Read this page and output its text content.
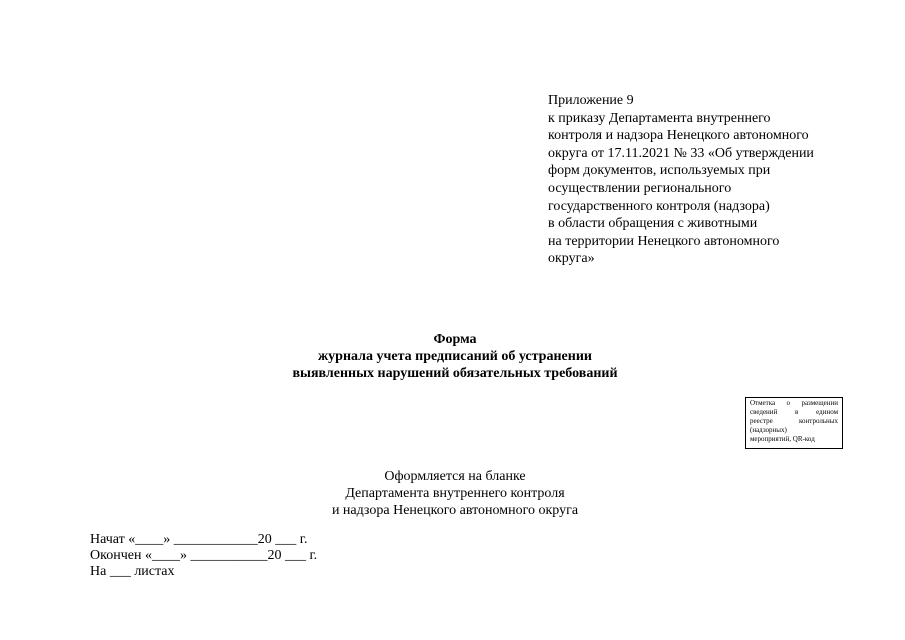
Приложение 9
к приказу Департамента внутреннего
контроля и надзора Ненецкого автономного
округа от 17.11.2021 № 33 «Об утверждении
форм документов, используемых при
осуществлении регионального
государственного контроля (надзора)
в области обращения с животными
на территории Ненецкого автономного
округа»
Форма
журнала учета предписаний об устранении
выявленных нарушений обязательных требований
Отметка о размещении
сведений в едином
реестре контрольных
(надзорных)
мероприятий, QR-код
Оформляется на бланке
Департамента внутреннего контроля
и надзора Ненецкого автономного округа
Начат «____» ____________20 ___ г.
Окончен «____» ___________20 ___ г.
На ___ листах
